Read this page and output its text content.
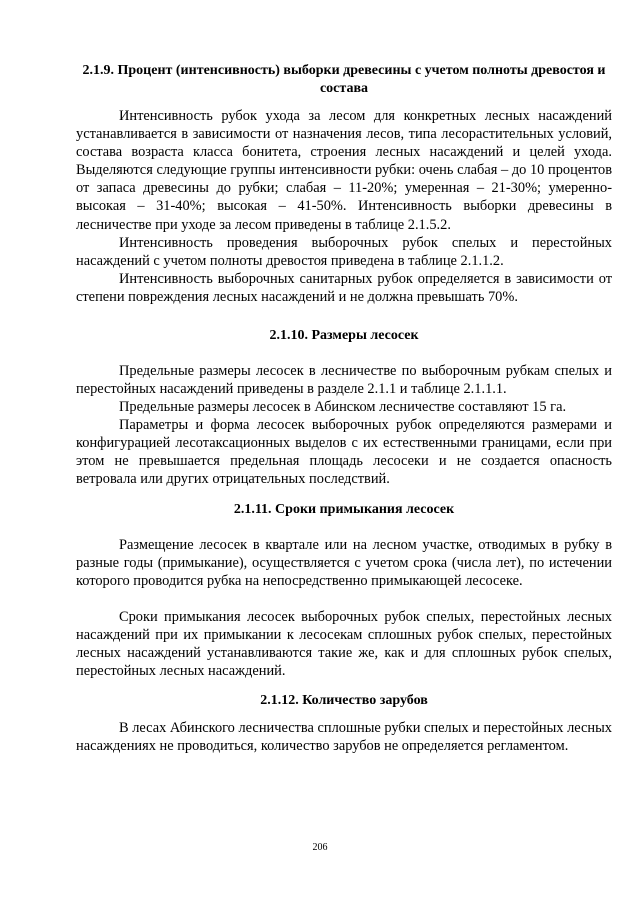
2.1.9. Процент (интенсивность) выборки древесины с учетом полноты древостоя и состава

Интенсивность рубок ухода за лесом для конкретных лесных насаждений устанавливается в зависимости от назначения лесов, типа лесорастительных условий, состава возраста класса бонитета, строения лесных насаждений и целей ухода. Выделяются следующие группы интенсивности рубки: очень слабая – до 10 процентов от запаса древесины до рубки; слабая – 11-20%; умеренная – 21-30%; умеренно-высокая – 31-40%; высокая – 41-50%. Интенсивность выборки древесины в лесничестве при уходе за лесом приведены в таблице 2.1.5.2.

Интенсивность проведения выборочных рубок спелых и перестойных насаждений с учетом полноты древостоя приведена в таблице 2.1.1.2.

Интенсивность выборочных санитарных рубок определяется в зависимости от степени повреждения лесных насаждений и не должна превышать 70%.

2.1.10. Размеры лесосек

Предельные размеры лесосек в лесничестве по выборочным рубкам спелых и перестойных насаждений приведены в разделе 2.1.1 и таблице 2.1.1.1.

Предельные размеры лесосек в Абинском лесничестве составляют 15 га.

Параметры и форма лесосек выборочных рубок определяются размерами и конфигурацией лесотаксационных выделов с их естественными границами, если при этом не превышается предельная площадь лесосеки и не создается опасность ветровала или других отрицательных последствий.

2.1.11. Сроки примыкания лесосек

Размещение лесосек в квартале или на лесном участке, отводимых в рубку в разные годы (примыкание), осуществляется с учетом срока (числа лет), по истечении которого проводится рубка на непосредственно примыкающей лесосеке.

Сроки примыкания лесосек выборочных рубок спелых, перестойных лесных насаждений при их примыкании к лесосекам сплошных рубок спелых, перестойных лесных насаждений устанавливаются такие же, как и для сплошных рубок спелых, перестойных лесных насаждений.

2.1.12. Количество зарубов

В лесах Абинского лесничества сплошные рубки спелых и перестойных лесных насаждениях не проводиться, количество зарубов не определяется регламентом.

206
